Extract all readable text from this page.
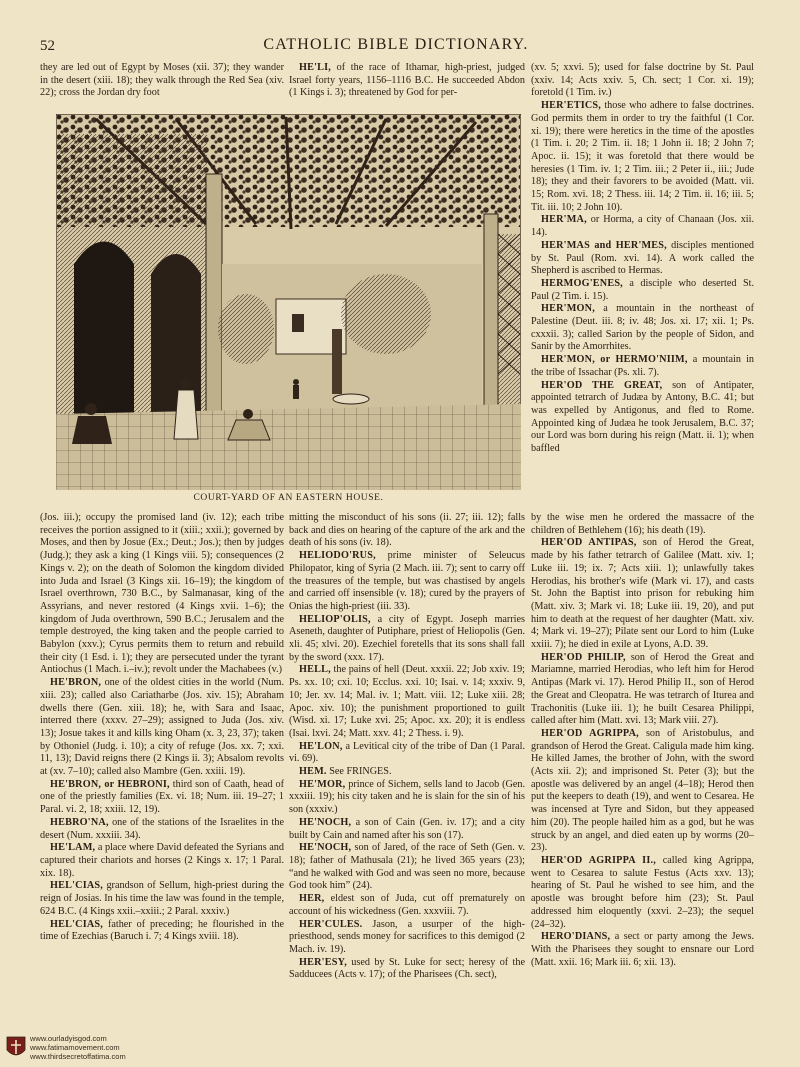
52	CATHOLIC BIBLE DICTIONARY.

they are led out of Egypt by Moses (xii. 37); they wander in the desert (xiii. 18); they walk through the Red Sea (xiv. 22); cross the Jordan dry foot

HE'LI, of the race of Ithamar, high-priest, judged Israel forty years, 1156–1116 B.C. He succeeded Abdon (1 Kings i. 3); threatened by God for per-

(xv. 5; xxvi. 5); used for false doctrine by St. Paul (xxiv. 14; Acts xxiv. 5, Ch. sect; 1 Cor. xi. 19); foretold (1 Tim. iv.)

HER'ETICS, those who adhere to false doctrines. God permits them in order to try the faithful (1 Cor. xi. 19); there were heretics in the time of the apostles (1 Tim. i. 20; 2 Tim. ii. 18; 1 John ii. 18; 2 John 7; Apoc. ii. 15); it was foretold that there would be heresies (1 Tim. iv. 1; 2 Tim. iii.; 2 Peter ii., iii.; Jude 18); they and their favorers to be avoided (Matt. vii. 15; Rom. xvi. 18; 2 Thess. iii. 14; 2 Tim. ii. 16; iii. 5; Tit. iii. 10; 2 John 10).

HER'MA, or Horma, a city of Chanaan (Jos. xii. 14).

HER'MAS and HER'MES, disciples mentioned by St. Paul (Rom. xvi. 14). A work called the Shepherd is ascribed to Hermas.

HERMOG'ENES, a disciple who deserted St. Paul (2 Tim. i. 15).

HER'MON, a mountain in the northeast of Palestine (Deut. iii. 8; iv. 48; Jos. xi. 17; xii. 1; Ps. cxxxii. 3); called Sarion by the people of Sidon, and Sanir by the Amorrhites.

HER'MON, or HERMO'NIIM, a mountain in the tribe of Issachar (Ps. xli. 7).

HER'OD THE GREAT, son of Antipater, appointed tetrarch of Judæa by Antony, B.C. 41; but was expelled by Antigonus, and fled to Rome. Appointed king of Judæa he took Jerusalem, B.C. 37; our Lord was born during his reign (Matt. ii. 1); when baffled

COURT-YARD OF AN EASTERN HOUSE.

(Jos. iii.); occupy the promised land (iv. 12); each tribe receives the portion assigned to it (xiii.; xxii.); governed by Moses, and then by Josue (Ex.; Deut.; Jos.); then by judges (Judg.); they ask a king (1 Kings viii. 5); consequences (2 Kings v. 2); on the death of Solomon the kingdom divided into Juda and Israel (3 Kings xii. 16–19); the kingdom of Israel overthrown, 730 B.C., by Salmanasar, king of the Assyrians, and never restored (4 Kings xvii. 1–6); the kingdom of Juda overthrown, 590 B.C.; Jerusalem and the temple destroyed, the king taken and the people carried to Babylon (xxv.); Cyrus permits them to return and rebuild their city (1 Esd. i. 1); they are persecuted under the tyrant Antiochus (1 Mach. i.–iv.); revolt under the Machabees (v.)

HE'BRON, one of the oldest cities in the world (Num. xiii. 23); called also Cariatharbe (Jos. xiv. 15); Abraham dwells there (Gen. xiii. 18); he, with Sara and Isaac, interred there (xxxv. 27–29); assigned to Juda (Jos. xiv. 13); Josue takes it and kills king Oham (x. 3, 23, 37); taken by Othoniel (Judg. i. 10); a city of refuge (Jos. xx. 7; xxi. 11, 13); David reigns there (2 Kings ii. 3); Absalom revolts at (xv. 7–10); called also Mambre (Gen. xxiii. 19).

HE'BRON, or HEBRONI, third son of Caath, head of one of the priestly families (Ex. vi. 18; Num. iii. 19–27; 1 Paral. vi. 2, 18; xxiii. 12, 19).

HEBRO'NA, one of the stations of the Israelites in the desert (Num. xxxiii. 34).

HE'LAM, a place where David defeated the Syrians and captured their chariots and horses (2 Kings x. 17; 1 Paral. xix. 18).

HEL'CIAS, grandson of Sellum, high-priest during the reign of Josias. In his time the law was found in the temple, 624 B.C. (4 Kings xxii.–xxiii.; 2 Paral. xxxiv.)

HEL'CIAS, father of preceding; he flourished in the time of Ezechias (Baruch i. 7; 4 Kings xviii. 18).

mitting the misconduct of his sons (ii. 27; iii. 12); falls back and dies on hearing of the capture of the ark and the death of his sons (iv. 18).

HELIODO'RUS, prime minister of Seleucus Philopator, king of Syria (2 Mach. iii. 7); sent to carry off the treasures of the temple, but was chastised by angels and carried off insensible (v. 18); cured by the prayers of Onias the high-priest (iii. 33).

HELIOP'OLIS, a city of Egypt. Joseph marries Aseneth, daughter of Putiphare, priest of Heliopolis (Gen. xli. 45; xlvi. 20). Ezechiel foretells that its sons shall fall by the sword (xxx. 17).

HELL, the pains of hell (Deut. xxxii. 22; Job xxiv. 19; Ps. xx. 10; cxi. 10; Ecclus. xxi. 10; Isai. v. 14; xxxiv. 9, 10; Jer. xv. 14; Mal. iv. 1; Matt. viii. 12; Luke xiii. 28; Apoc. xiv. 10); the punishment proportioned to guilt (Wisd. xi. 17; Luke xvi. 25; Apoc. xx. 20); it is endless (Isai. lxvi. 24; Matt. xxv. 41; 2 Thess. i. 9).

HE'LON, a Levitical city of the tribe of Dan (1 Paral. vi. 69).

HEM. See FRINGES.

HE'MOR, prince of Sichem, sells land to Jacob (Gen. xxxiii. 19); his city taken and he is slain for the sin of his son (xxxiv.)

HE'NOCH, a son of Cain (Gen. iv. 17); and a city built by Cain and named after his son (17).

HE'NOCH, son of Jared, of the race of Seth (Gen. v. 18); father of Mathusala (21); he lived 365 years (23); “and he walked with God and was seen no more, because God took him” (24).

HER, eldest son of Juda, cut off prematurely on account of his wickedness (Gen. xxxviii. 7).

HER'CULES. Jason, a usurper of the high-priesthood, sends money for sacrifices to this demigod (2 Mach. iv. 19).

HER'ESY, used by St. Luke for sect; heresy of the Sadducees (Acts v. 17); of the Pharisees (Ch. sect),

by the wise men he ordered the massacre of the children of Bethlehem (16); his death (19).

HER'OD ANTIPAS, son of Herod the Great, made by his father tetrarch of Galilee (Matt. xiv. 1; Luke iii. 19; ix. 7; Acts xiii. 1); unlawfully takes Herodias, his brother's wife (Mark vi. 17), and casts St. John the Baptist into prison for rebuking him (Matt. xiv. 3; Mark vi. 18; Luke iii. 19, 20), and put him to death at the request of her daughter (Matt. xiv. 4; Mark vi. 19–27); Pilate sent our Lord to him (Luke xxiii. 7); he died in exile at Lyons, A.D. 39.

HER'OD PHILIP, son of Herod the Great and Mariamne, married Herodias, who left him for Herod Antipas (Mark vi. 17). Herod Philip II., son of Herod the Great and Cleopatra. He was tetrarch of Iturea and Trachonitis (Luke iii. 1); he built Cesarea Philippi, called after him (Matt. xvi. 13; Mark viii. 27).

HER'OD AGRIPPA, son of Aristobulus, and grandson of Herod the Great. Caligula made him king. He killed James, the brother of John, with the sword (Acts xii. 2); and imprisoned St. Peter (3); but the apostle was delivered by an angel (4–18); Herod then put the keepers to death (19), and went to Cesarea. He was incensed at Tyre and Sidon, but they appeased him (20). The people hailed him as a god, but he was struck by an angel, and died eaten up by worms (20–23).

HER'OD AGRIPPA II., called king Agrippa, went to Cesarea to salute Festus (Acts xxv. 13); hearing of St. Paul he wished to see him, and the apostle was brought before him (23); St. Paul addressed him eloquently (xxvi. 2–23); the sequel (24–32).

HERO'DIANS, a sect or party among the Jews. With the Pharisees they sought to ensnare our Lord (Matt. xxii. 16; Mark iii. 6; xii. 13).

www.ourladyisgod.com
www.fatimamovement.com
www.thirdsecretoffatima.com
